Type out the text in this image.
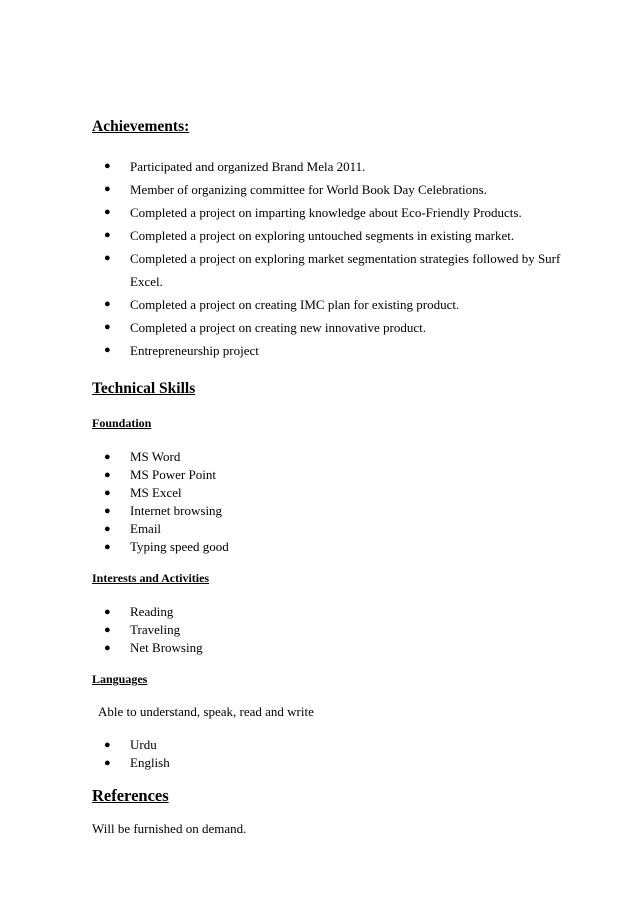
Achievements:
● Participated and organized Brand Mela 2011.
● Member of organizing committee for World Book Day Celebrations.
● Completed a project on imparting knowledge about Eco-Friendly Products.
● Completed a project on exploring untouched segments in existing market.
● Completed a project on exploring market segmentation strategies followed by Surf Excel.
● Completed a project on creating IMC plan for existing product.
● Completed a project on creating new innovative product.
● Entrepreneurship project
Technical Skills
Foundation
● MS Word
● MS Power Point
● MS Excel
● Internet browsing
● Email
● Typing speed good
Interests and Activities
● Reading
● Traveling
● Net Browsing
Languages
Able to understand, speak, read and write
● Urdu
● English
References
Will be furnished on demand.
